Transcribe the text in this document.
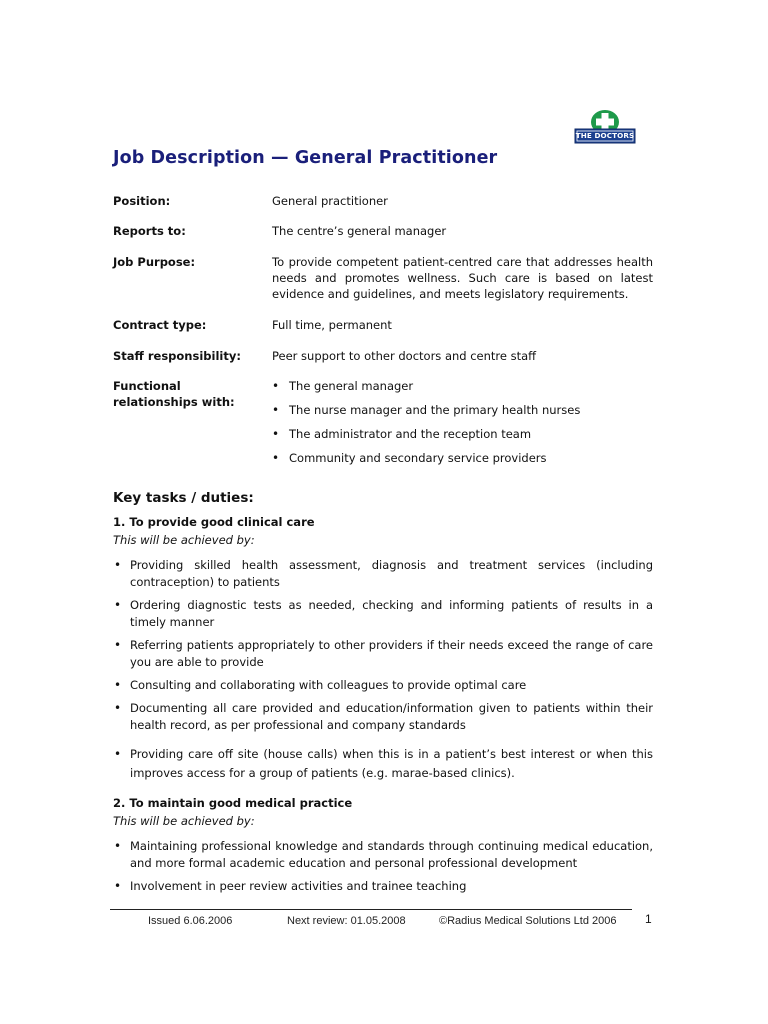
THE DOCTORS
Job Description — General Practitioner
Position:	General practitioner
Reports to:	The centre’s general manager
Job Purpose:	To provide competent patient-centred care that addresses health needs and promotes wellness. Such care is based on latest evidence and guidelines, and meets legislatory requirements.
Contract type:	Full time, permanent
Staff responsibility:	Peer support to other doctors and centre staff
Functional relationships with:
• The general manager
• The nurse manager and the primary health nurses
• The administrator and the reception team
• Community and secondary service providers
Key tasks / duties:
1. To provide good clinical care
This will be achieved by:
• Providing skilled health assessment, diagnosis and treatment services (including contraception) to patients
• Ordering diagnostic tests as needed, checking and informing patients of results in a timely manner
• Referring patients appropriately to other providers if their needs exceed the range of care you are able to provide
• Consulting and collaborating with colleagues to provide optimal care
• Documenting all care provided and education/information given to patients within their health record, as per professional and company standards
• Providing care off site (house calls) when this is in a patient’s best interest or when this improves access for a group of patients (e.g. marae-based clinics).
2. To maintain good medical practice
This will be achieved by:
• Maintaining professional knowledge and standards through continuing medical education, and more formal academic education and personal professional development
• Involvement in peer review activities and trainee teaching
Issued 6.06.2006	Next review: 01.05.2008	©Radius Medical Solutions Ltd 2006 1
